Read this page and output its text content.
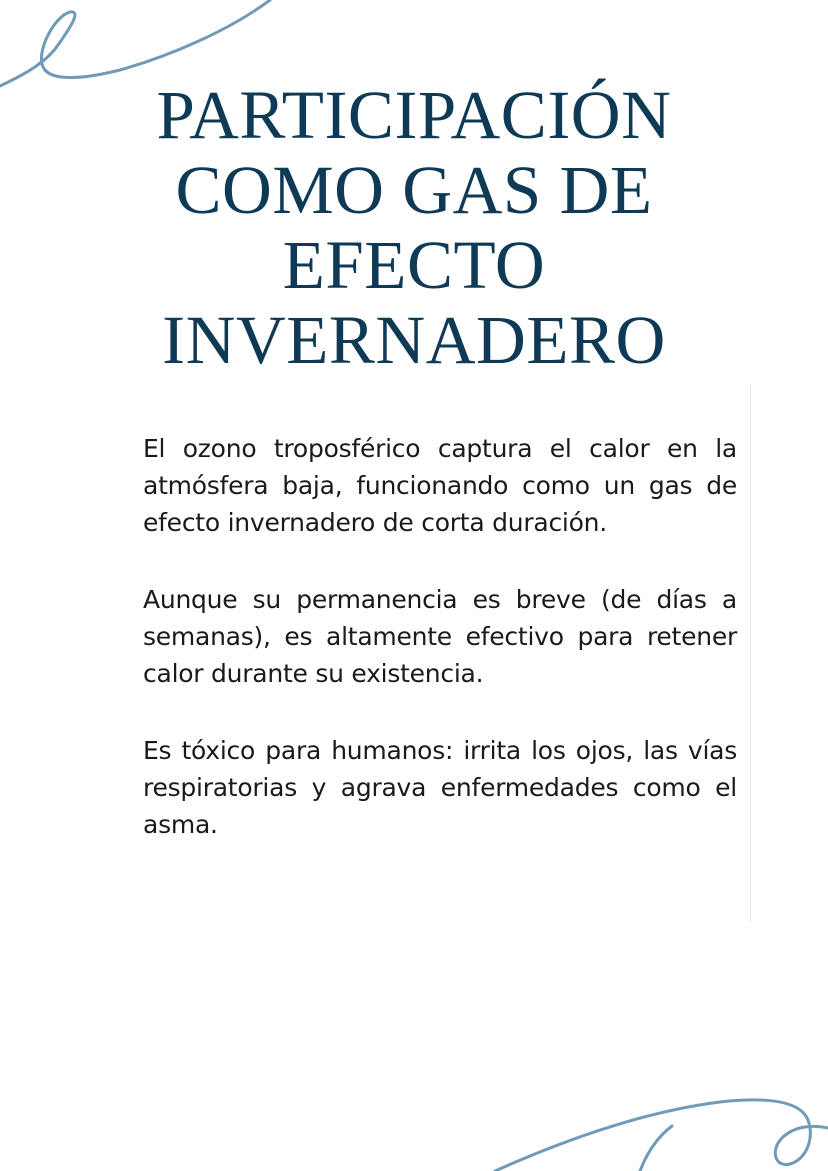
PARTICIPACIÓN
COMO GAS DE
EFECTO
INVERNADERO

El ozono troposférico captura el calor en la atmósfera baja, funcionando como un gas de efecto invernadero de corta duración.

Aunque su permanencia es breve (de días a semanas), es altamente efectivo para retener calor durante su existencia.

Es tóxico para humanos: irrita los ojos, las vías respiratorias y agrava enfermedades como el asma.
